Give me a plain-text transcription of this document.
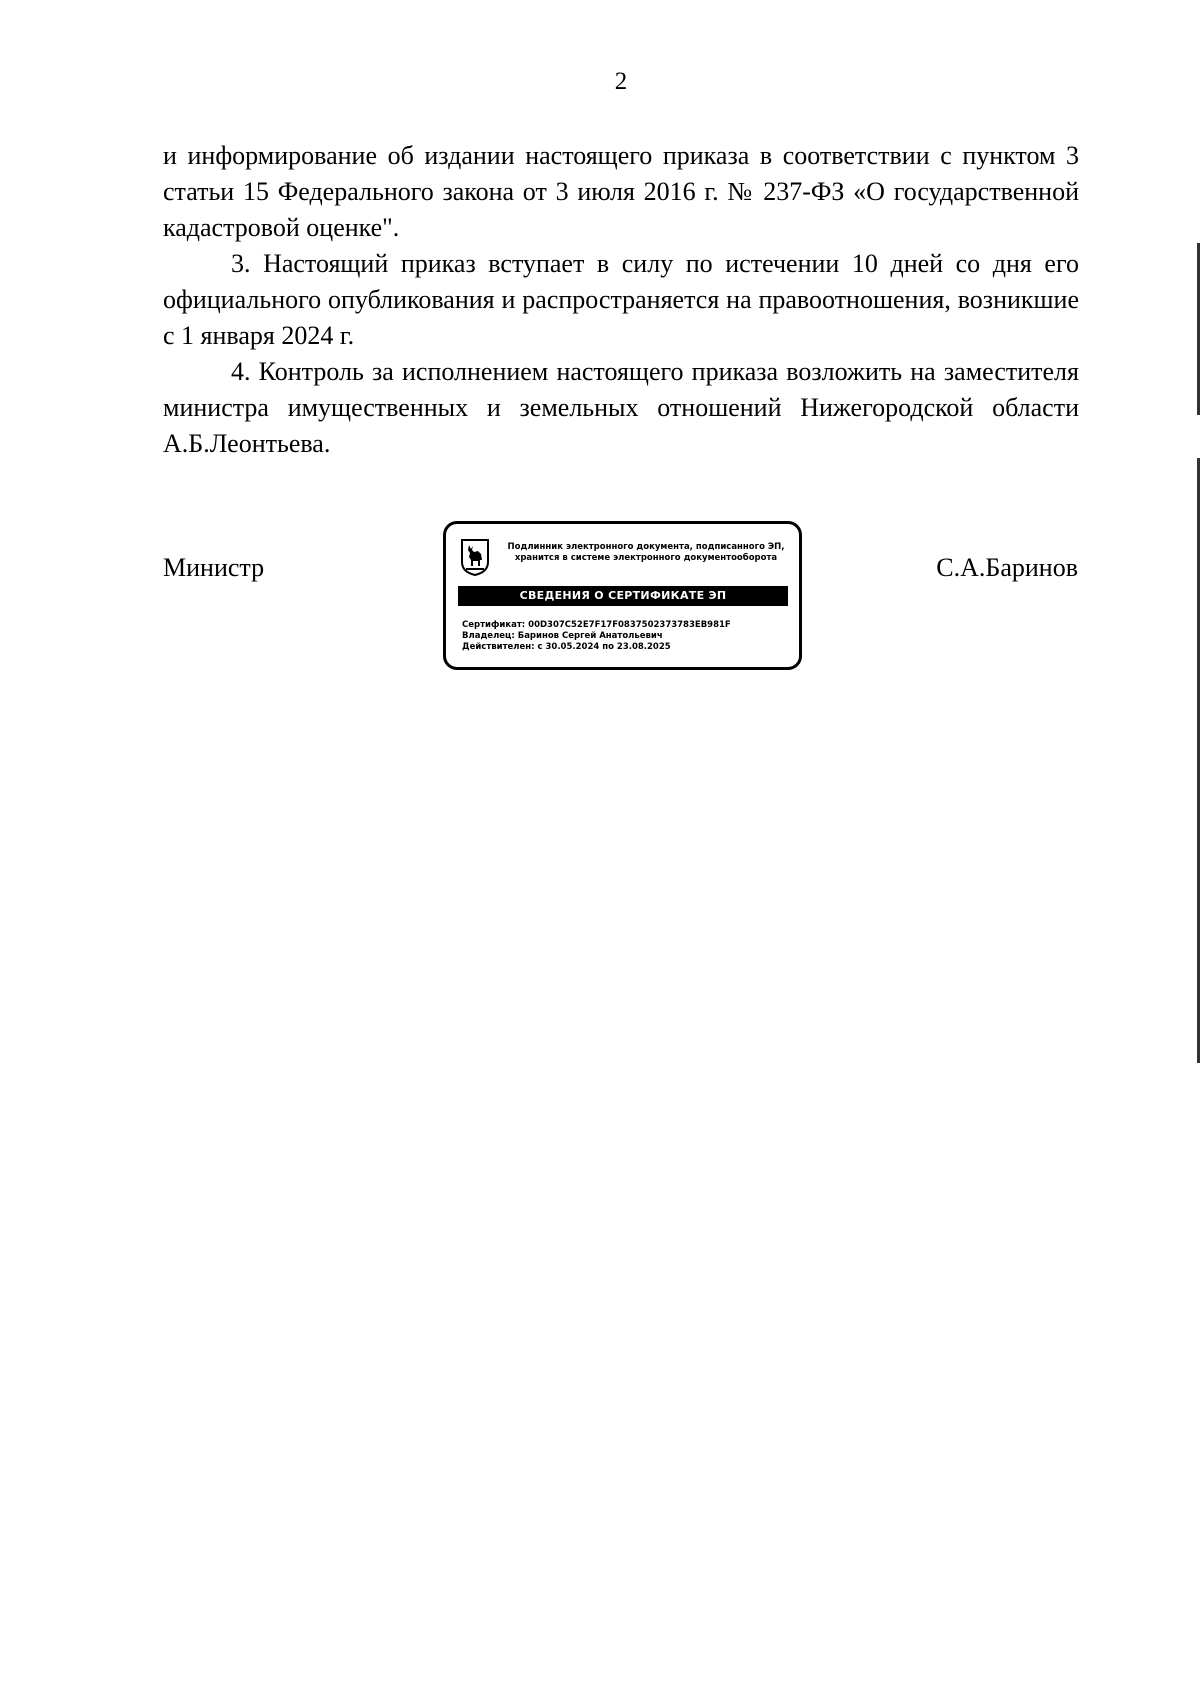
2

и информирование об издании настоящего приказа в соответствии с пунктом 3 статьи 15 Федерального закона от 3 июля 2016 г. № 237-ФЗ «О государственной кадастровой оценке".

3. Настоящий приказ вступает в силу по истечении 10 дней со дня его официального опубликования и распространяется на правоотношения, возникшие с 1 января 2024 г.

4. Контроль за исполнением настоящего приказа возложить на заместителя министра имущественных и земельных отношений Нижегородской области А.Б.Леонтьева.

Министр
Подлинник электронного документа, подписанного ЭП,
хранится в системе электронного документооборота
СВЕДЕНИЯ О СЕРТИФИКАТЕ ЭП
Сертификат: 00D307C52E7F17F0837502373783EB981F
Владелец: Баринов Сергей Анатольевич
Действителен: с 30.05.2024 по 23.08.2025
С.А.Баринов
